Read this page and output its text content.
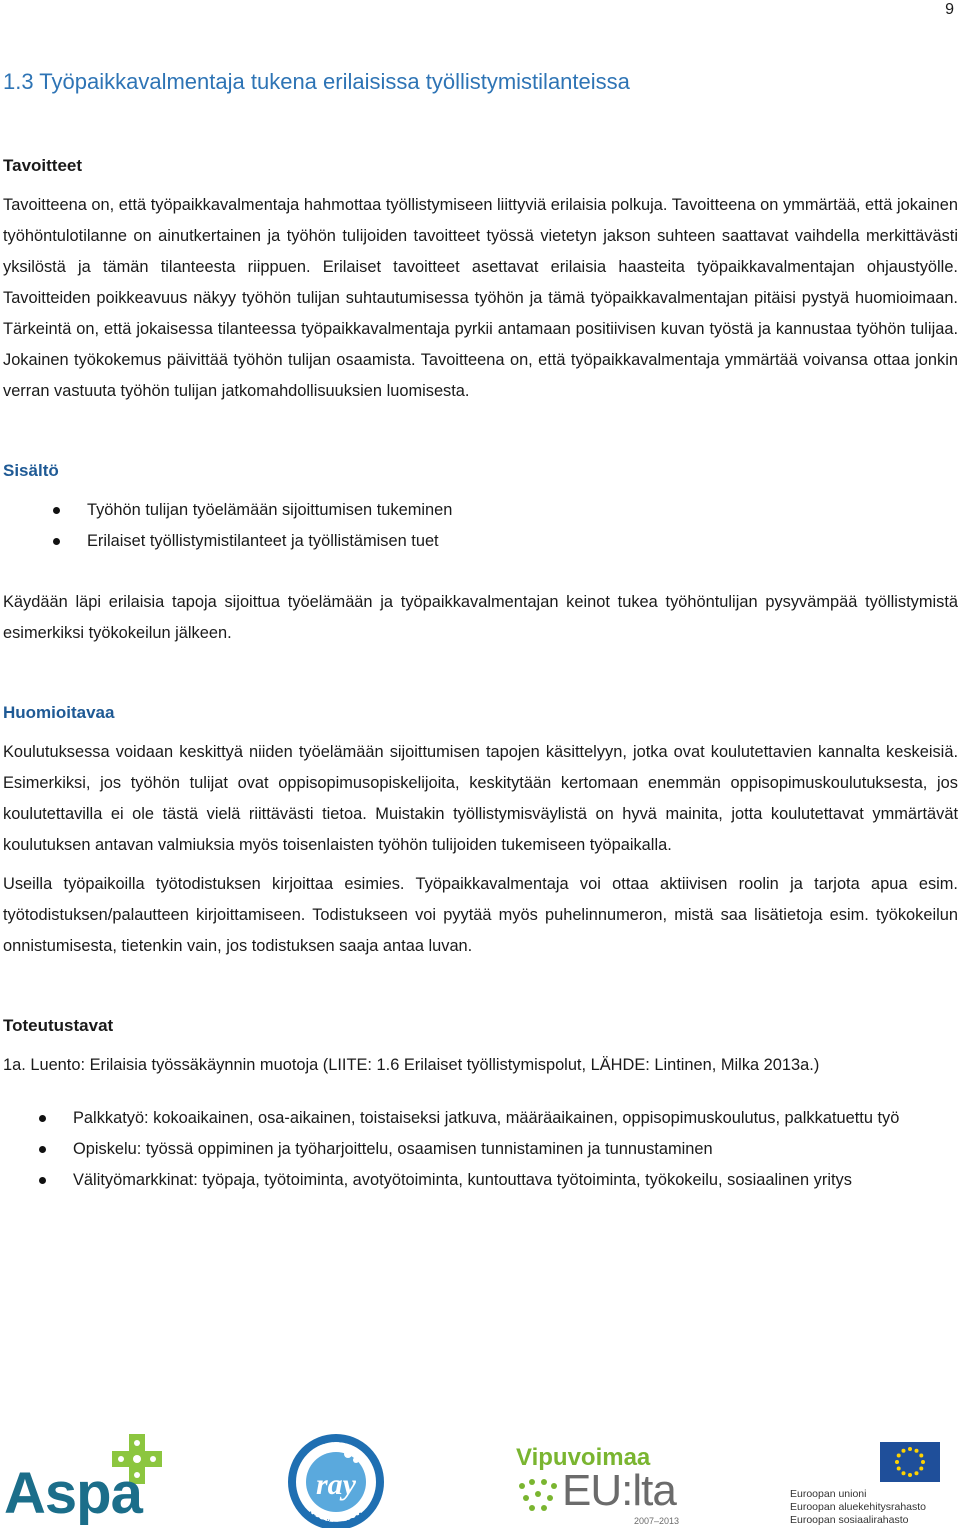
9
1.3 Työpaikkavalmentaja tukena erilaisissa työllistymistilanteissa
Tavoitteet

Tavoitteena on, että työpaikkavalmentaja hahmottaa työllistymiseen liittyviä erilaisia polkuja. Tavoitteena on ymmärtää, että jokainen työhöntulotilanne on ainutkertainen ja työhön tulijoiden tavoitteet työssä vietetyn jakson suhteen saattavat vaihdella merkittävästi yksilöstä ja tämän tilanteesta riippuen. Erilaiset tavoitteet asettavat erilaisia haasteita työpaikkavalmentajan ohjaustyölle. Tavoitteiden poikkeavuus näkyy työhön tulijan suhtautumisessa työhön ja tämä työpaikkavalmentajan pitäisi pystyä huomioimaan. Tärkeintä on, että jokaisessa tilanteessa työpaikkavalmentaja pyrkii antamaan positiivisen kuvan työstä ja kannustaa työhön tulijaa. Jokainen työkokemus päivittää työhön tulijan osaamista. Tavoitteena on, että työpaikkavalmentaja ymmärtää voivansa ottaa jonkin verran vastuuta työhön tulijan jatkomahdollisuuksien luomisesta.

Sisältö
Työhön tulijan työelämään sijoittumisen tukeminen
Erilaiset työllistymistilanteet ja työllistämisen tuet

Käydään läpi erilaisia tapoja sijoittua työelämään ja työpaikkavalmentajan keinot tukea työhöntulijan pysyvämpää työllistymistä esimerkiksi työkokeilun jälkeen.

Huomioitavaa

Koulutuksessa voidaan keskittyä niiden työelämään sijoittumisen tapojen käsittelyyn, jotka ovat koulutettavien kannalta keskeisiä. Esimerkiksi, jos työhön tulijat ovat oppisopimusopiskelijoita, keskitytään kertomaan enemmän oppisopimuskoulutuksesta, jos koulutettavilla ei ole tästä vielä riittävästi tietoa. Muistakin työllistymisväylistä on hyvä mainita, jotta koulutettavat ymmärtävät koulutuksen antavan valmiuksia myös toisenlaisten työhön tulijoiden tukemiseen työpaikalla.

Useilla työpaikoilla työtodistuksen kirjoittaa esimies. Työpaikkavalmentaja voi ottaa aktiivisen roolin ja tarjota apua esim. työtodistuksen/palautteen kirjoittamiseen. Todistukseen voi pyytää myös puhelinnumeron, mistä saa lisätietoja esim. työkokeilun onnistumisesta, tietenkin vain, jos todistuksen saaja antaa luvan.

Toteutustavat

1a. Luento: Erilaisia työssäkäynnin muotoja (LIITE: 1.6 Erilaiset työllistymispolut, LÄHDE: Lintinen, Milka 2013a.)

Palkkatyö: kokoaikainen, osa-aikainen, toistaiseksi jatkuva, määräaikainen, oppisopimuskoulutus, palkkatuettu työ
Opiskelu: työssä oppiminen ja työharjoittelu, osaamisen tunnistaminen ja tunnustaminen
Välityömarkkinat: työpaja, työtoiminta, avotyötoiminta, kuntouttava työtoiminta, työkokeilu, sosiaalinen yritys
Aspa
RAY TUKEE
ray
HYVIÄ TEKOJA
Vipuvoimaa
EU:lta
2007–2013
Euroopan unioni
Euroopan aluekehitysrahasto
Euroopan sosiaalirahasto
